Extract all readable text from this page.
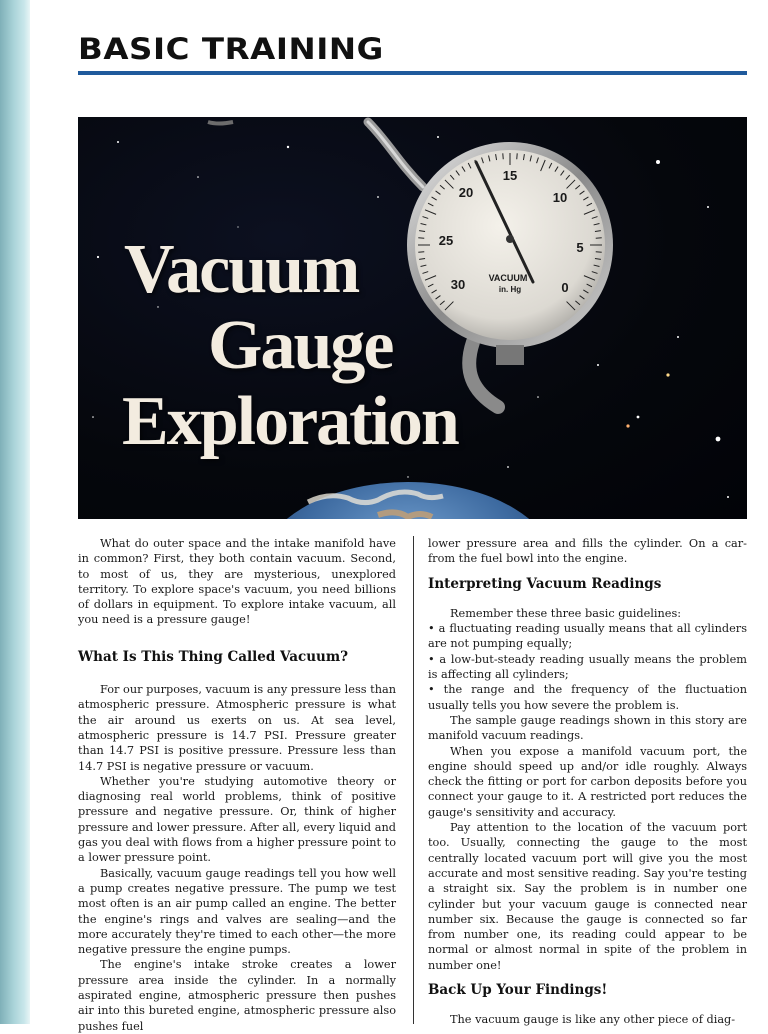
BASIC TRAINING
15
20	10
25	5
30	0
VACUUM
in. Hg
Vacuum
Gauge
Exploration

What do outer space and the intake manifold have in common? First, they both contain vacuum. Second, to most of us, they are mysterious, unexplored territory. To explore space's vacuum, you need billions of dollars in equipment. To explore intake vacuum, all you need is a pressure gauge!

What Is This Thing Called Vacuum?

For our purposes, vacuum is any pressure less than atmospheric pressure. Atmospheric pressure is what the air around us exerts on us. At sea level, atmospheric pressure is 14.7 PSI. Pressure greater than 14.7 PSI is positive pressure. Pressure less than 14.7 PSI is negative pressure or vacuum.

Whether you're studying automotive theory or diagnosing real world problems, think of positive pressure and negative pressure. Or, think of higher pressure and lower pressure. After all, every liquid and gas you deal with flows from a higher pressure point to a lower pressure point.

Basically, vacuum gauge readings tell you how well a pump creates negative pressure. The pump we test most often is an air pump called an engine. The better the engine's rings and valves are sealing—and the more accurately they're timed to each other—the more negative pressure the engine pumps.

The engine's intake stroke creates a lower pressure area inside the cylinder. In a normally aspirated engine, atmospheric pressure then pushes air into this bureted engine, atmospheric pressure also pushes fuel

lower pressure area and fills the cylinder. On a car- from the fuel bowl into the engine.

Interpreting Vacuum Readings

Remember these three basic guidelines:

• a fluctuating reading usually means that all cylinders are not pumping equally;

• a low-but-steady reading usually means the problem is affecting all cylinders;

• the range and the frequency of the fluctuation usually tells you how severe the problem is.

The sample gauge readings shown in this story are manifold vacuum readings.

When you expose a manifold vacuum port, the engine should speed up and/or idle roughly. Always check the fitting or port for carbon deposits before you connect your gauge to it. A restricted port reduces the gauge's sensitivity and accuracy.

Pay attention to the location of the vacuum port too. Usually, connecting the gauge to the most centrally located vacuum port will give you the most accurate and most sensitive reading. Say you're testing a straight six. Say the problem is in number one cylinder but your vacuum gauge is connected near number six. Because the gauge is connected so far from number one, its reading could appear to be normal or almost normal in spite of the problem in number one!

Back Up Your Findings!

The vacuum gauge is like any other piece of diag-
